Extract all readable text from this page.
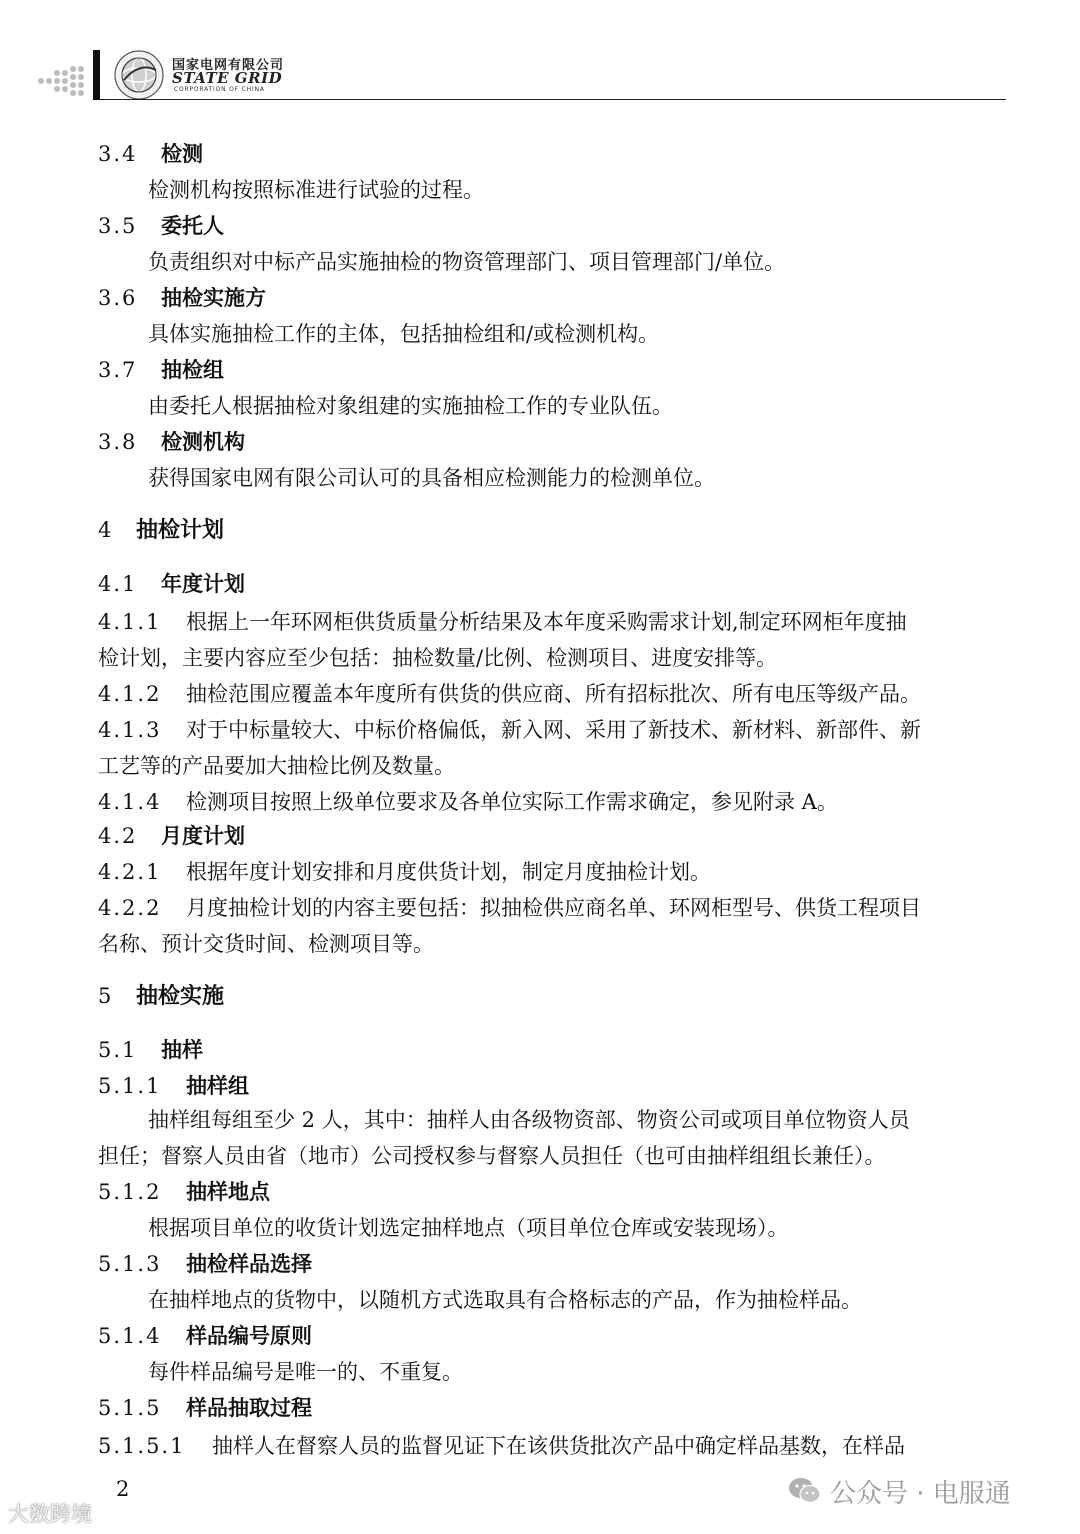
国家电网有限公司
STATE GRID
CORPORATION OF CHINA
3.4 检测
检测机构按照标准进行试验的过程。
3.5 委托人
负责组织对中标产品实施抽检的物资管理部门、项目管理部门/单位。
3.6 抽检实施方
具体实施抽检工作的主体，包括抽检组和/或检测机构。
3.7 抽检组
由委托人根据抽检对象组建的实施抽检工作的专业队伍。
3.8 检测机构
获得国家电网有限公司认可的具备相应检测能力的检测单位。
4 抽检计划
4.1 年度计划
4.1.1 根据上一年环网柜供货质量分析结果及本年度采购需求计划,制定环网柜年度抽
检计划，主要内容应至少包括：抽检数量/比例、检测项目、进度安排等。
4.1.2 抽检范围应覆盖本年度所有供货的供应商、所有招标批次、所有电压等级产品。
4.1.3 对于中标量较大、中标价格偏低，新入网、采用了新技术、新材料、新部件、新
工艺等的产品要加大抽检比例及数量。
4.1.4 检测项目按照上级单位要求及各单位实际工作需求确定，参见附录 A。
4.2 月度计划
4.2.1 根据年度计划安排和月度供货计划，制定月度抽检计划。
4.2.2 月度抽检计划的内容主要包括：拟抽检供应商名单、环网柜型号、供货工程项目
名称、预计交货时间、检测项目等。
5 抽检实施
5.1 抽样
5.1.1 抽样组
抽样组每组至少 2 人，其中：抽样人由各级物资部、物资公司或项目单位物资人员
担任；督察人员由省（地市）公司授权参与督察人员担任（也可由抽样组组长兼任）。
5.1.2 抽样地点
根据项目单位的收货计划选定抽样地点（项目单位仓库或安装现场）。
5.1.3 抽检样品选择
在抽样地点的货物中，以随机方式选取具有合格标志的产品，作为抽检样品。
5.1.4 样品编号原则
每件样品编号是唯一的、不重复。
5.1.5 样品抽取过程
5.1.5.1 抽样人在督察人员的监督见证下在该供货批次产品中确定样品基数，在样品
2
大数跨境
公众号 · 电服通
